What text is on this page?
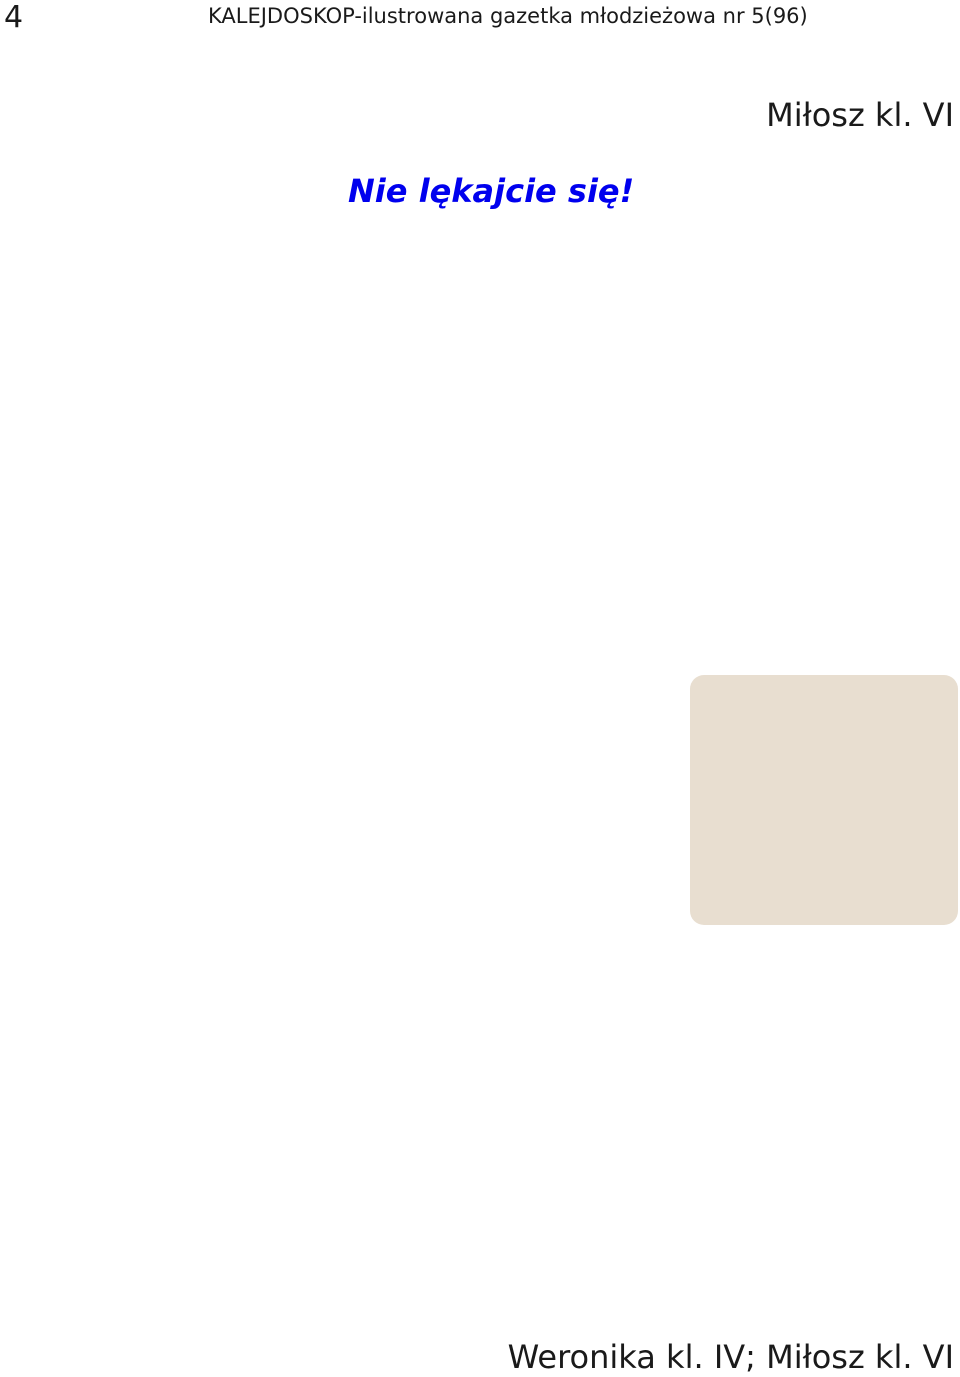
4	KALEJDOSKOP-ilustrowana gazetka młodzieżowa nr 5(96)
Miłosz kl. VI
Nie lękajcie się!
Weronika kl. IV; Miłosz kl. VI
